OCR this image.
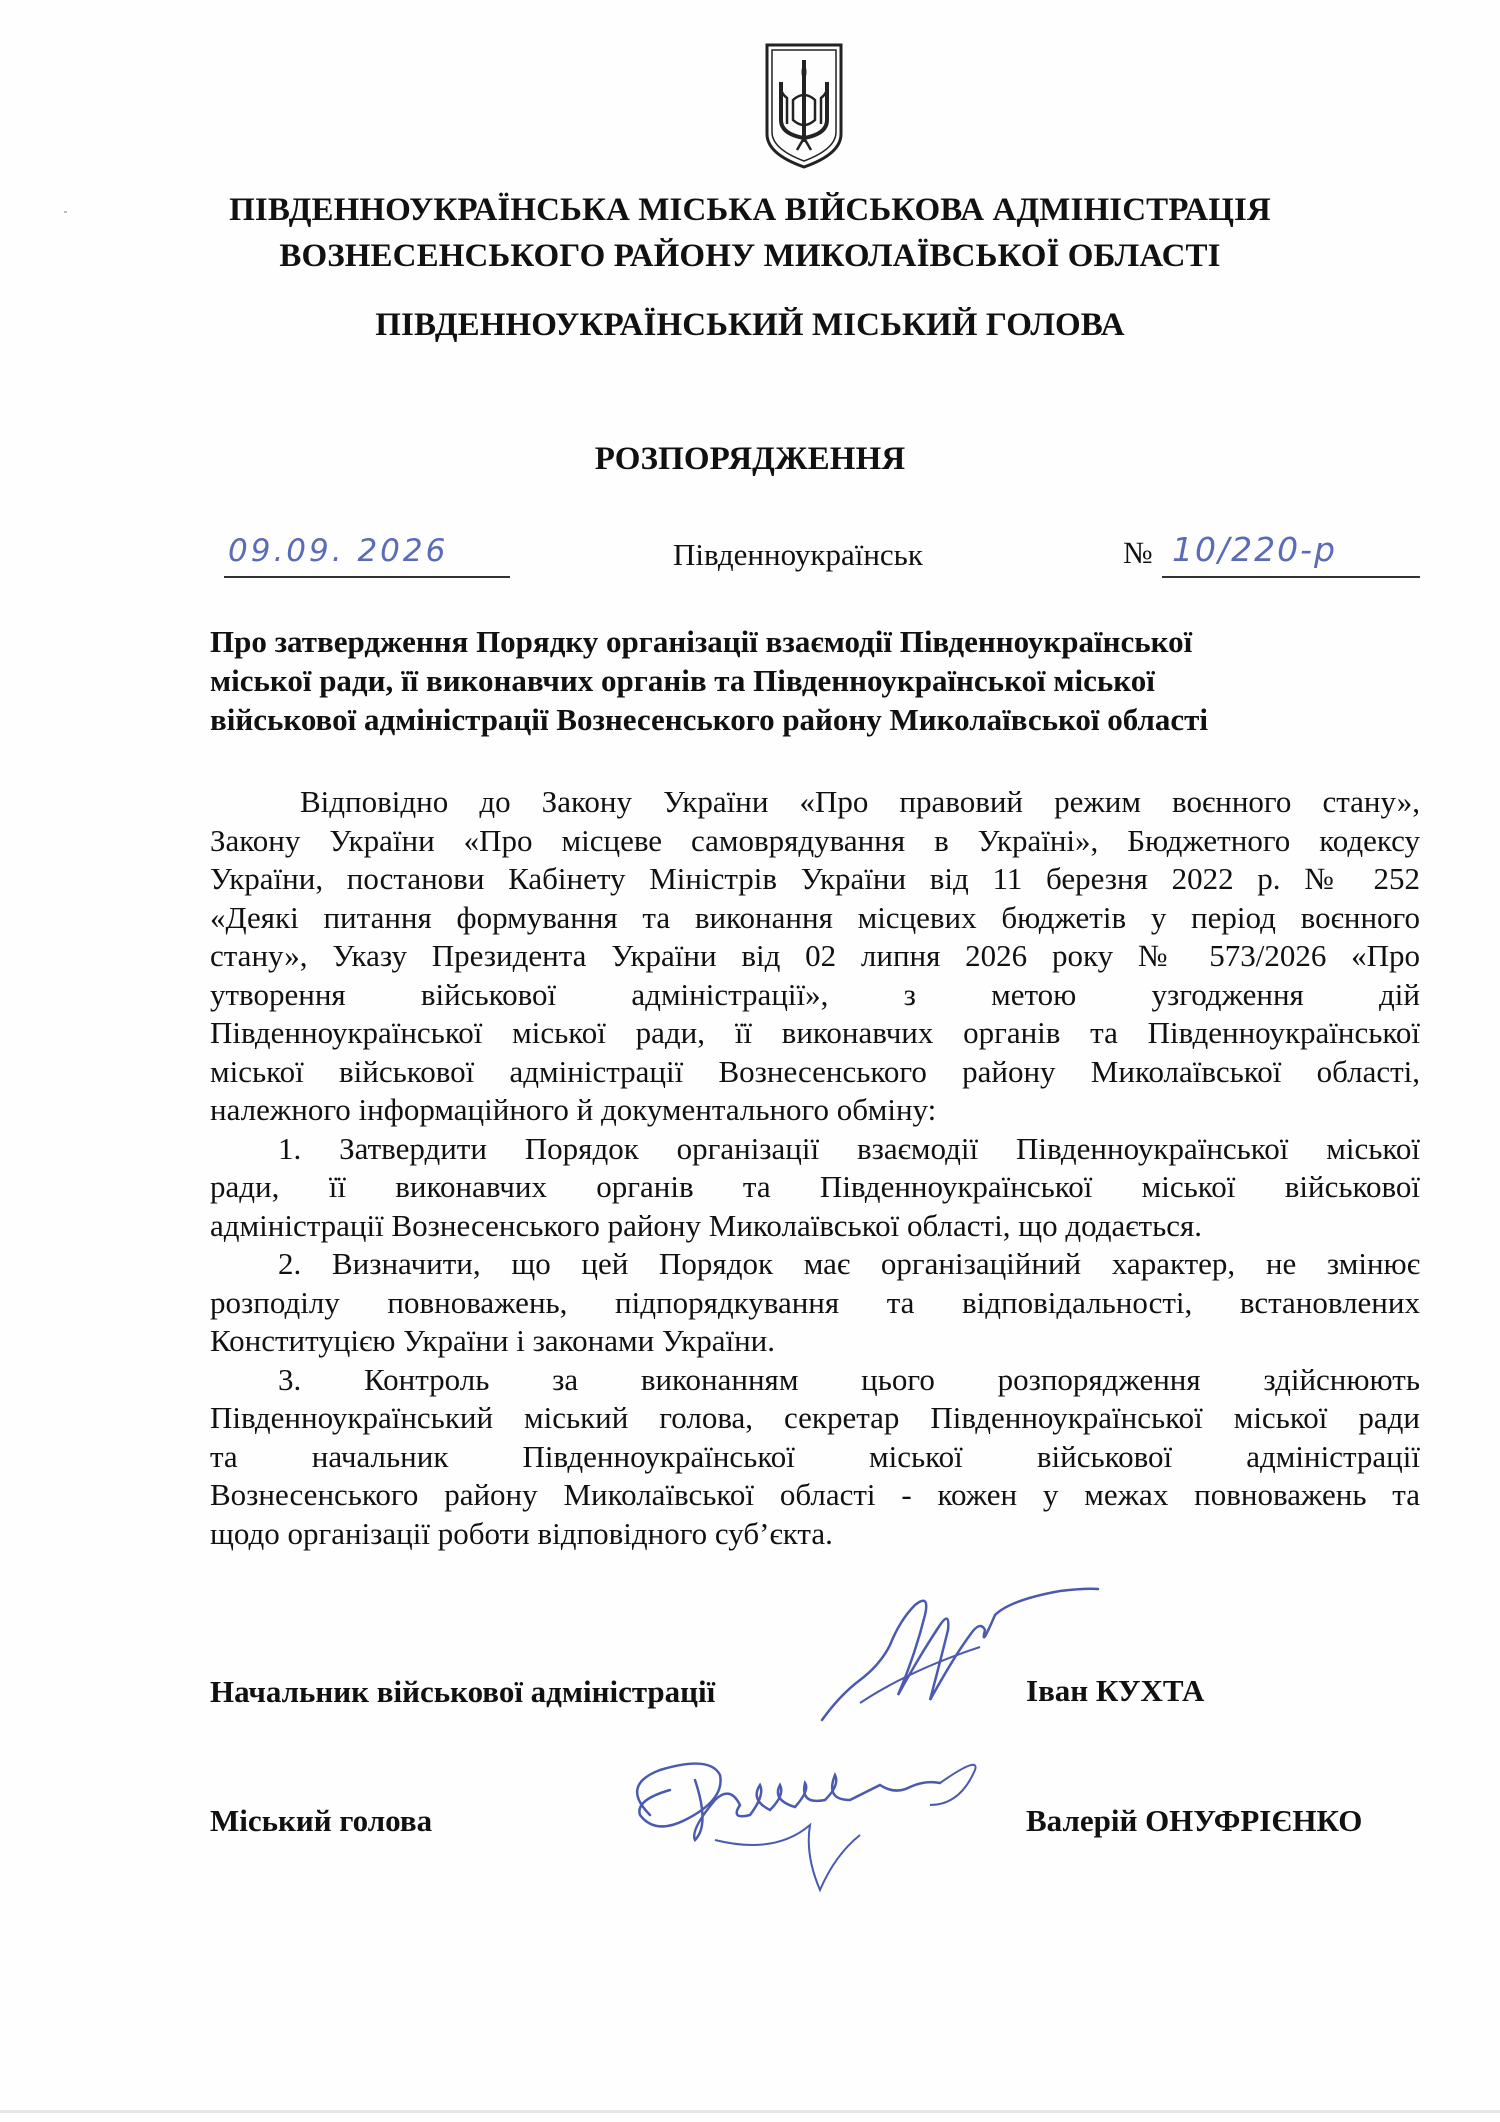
ПІВДЕННОУКРАЇНСЬКА МІСЬКА ВІЙСЬКОВА АДМІНІСТРАЦІЯ
ВОЗНЕСЕНСЬКОГО РАЙОНУ МИКОЛАЇВСЬКОЇ ОБЛАСТІ
ПІВДЕННОУКРАЇНСЬКИЙ МІСЬКИЙ ГОЛОВА
РОЗПОРЯДЖЕННЯ
09.09. 2026	Південноукраїнськ	№ 10/220-р
Про затвердження Порядку організації взаємодії Південноукраїнської
міської ради, її виконавчих органів та Південноукраїнської міської
військової адміністрації Вознесенського району Миколаївської області
Відповідно до Закону України «Про правовий режим воєнного стану»,
Закону України «Про місцеве самоврядування в Україні», Бюджетного кодексу
України, постанови Кабінету Міністрів України від 11 березня 2022 р. № 252
«Деякі питання формування та виконання місцевих бюджетів у період воєнного
стану», Указу Президента України від 02 липня 2026 року № 573/2026 «Про
утворення військової адміністрації», з метою узгодження дій
Південноукраїнської міської ради, її виконавчих органів та Південноукраїнської
міської військової адміністрації Вознесенського району Миколаївської області,
належного інформаційного й документального обміну:
1. Затвердити Порядок організації взаємодії Південноукраїнської міської
ради, її виконавчих органів та Південноукраїнської міської військової
адміністрації Вознесенського району Миколаївської області, що додається.
2. Визначити, що цей Порядок має організаційний характер, не змінює
розподілу повноважень, підпорядкування та відповідальності, встановлених
Конституцією України і законами України.
3. Контроль за виконанням цього розпорядження здійснюють
Південноукраїнський міський голова, секретар Південноукраїнської міської ради
та начальник Південноукраїнської міської військової адміністрації
Вознесенського району Миколаївської області - кожен у межах повноважень та
щодо організації роботи відповідного суб’єкта.
Начальник військової адміністрації	Іван КУХТА
Міський голова	Валерій ОНУФРІЄНКО
